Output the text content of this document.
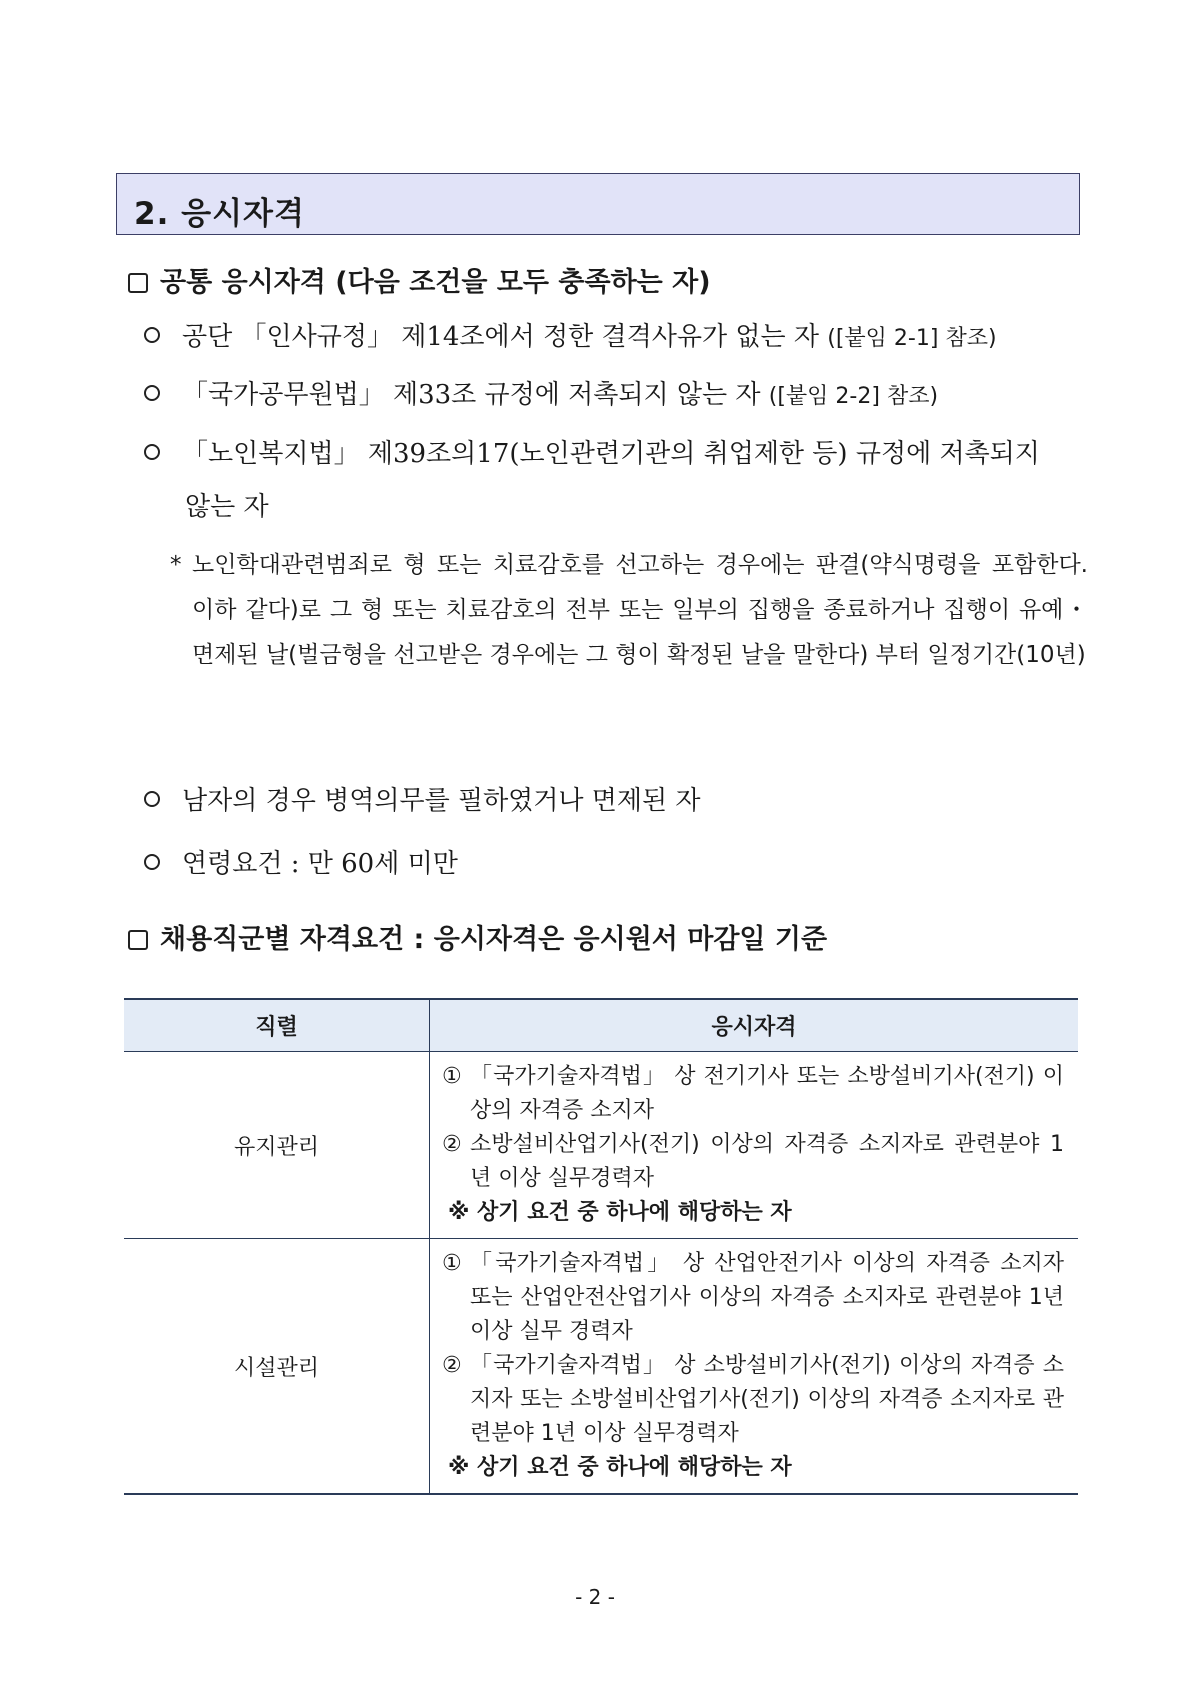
2. 응시자격
공통 응시자격 (다음 조건을 모두 충족하는 자)
공단 「인사규정」 제14조에서 정한 결격사유가 없는 자 ([붙임 2-1] 참조)
「국가공무원법」 제33조 규정에 저촉되지 않는 자 ([붙임 2-2] 참조)
「노인복지법」 제39조의17(노인관련기관의 취업제한 등) 규정에 저촉되지
않는 자
* 노인학대관련범죄로 형 또는 치료감호를 선고하는 경우에는 판결(약식명령을 포함한다. 이하 같다)로 그 형 또는 치료감호의 전부 또는 일부의 집행을 종료하거나 집행이 유예・면제된 날(벌금형을 선고받은 경우에는 그 형이 확정된 날을 말한다) 부터 일정기간(10년)
남자의 경우 병역의무를 필하였거나 면제된 자
연령요건 : 만 60세 미만
채용직군별 자격요건 : 응시자격은 응시원서 마감일 기준
직렬	응시자격
유지관리	① 「국가기술자격법」 상 전기기사 또는 소방설비기사(전기) 이상의 자격증 소지자
② 소방설비산업기사(전기) 이상의 자격증 소지자로 관련분야 1년 이상 실무경력자
※ 상기 요건 중 하나에 해당하는 자

시설관리	① 「국가기술자격법」 상 산업안전기사 이상의 자격증 소지자 또는 산업안전산업기사 이상의 자격증 소지자로 관련분야 1년 이상 실무 경력자
② 「국가기술자격법」 상 소방설비기사(전기) 이상의 자격증 소지자 또는 소방설비산업기사(전기) 이상의 자격증 소지자로 관련분야 1년 이상 실무경력자
※ 상기 요건 중 하나에 해당하는 자
- 2 -
